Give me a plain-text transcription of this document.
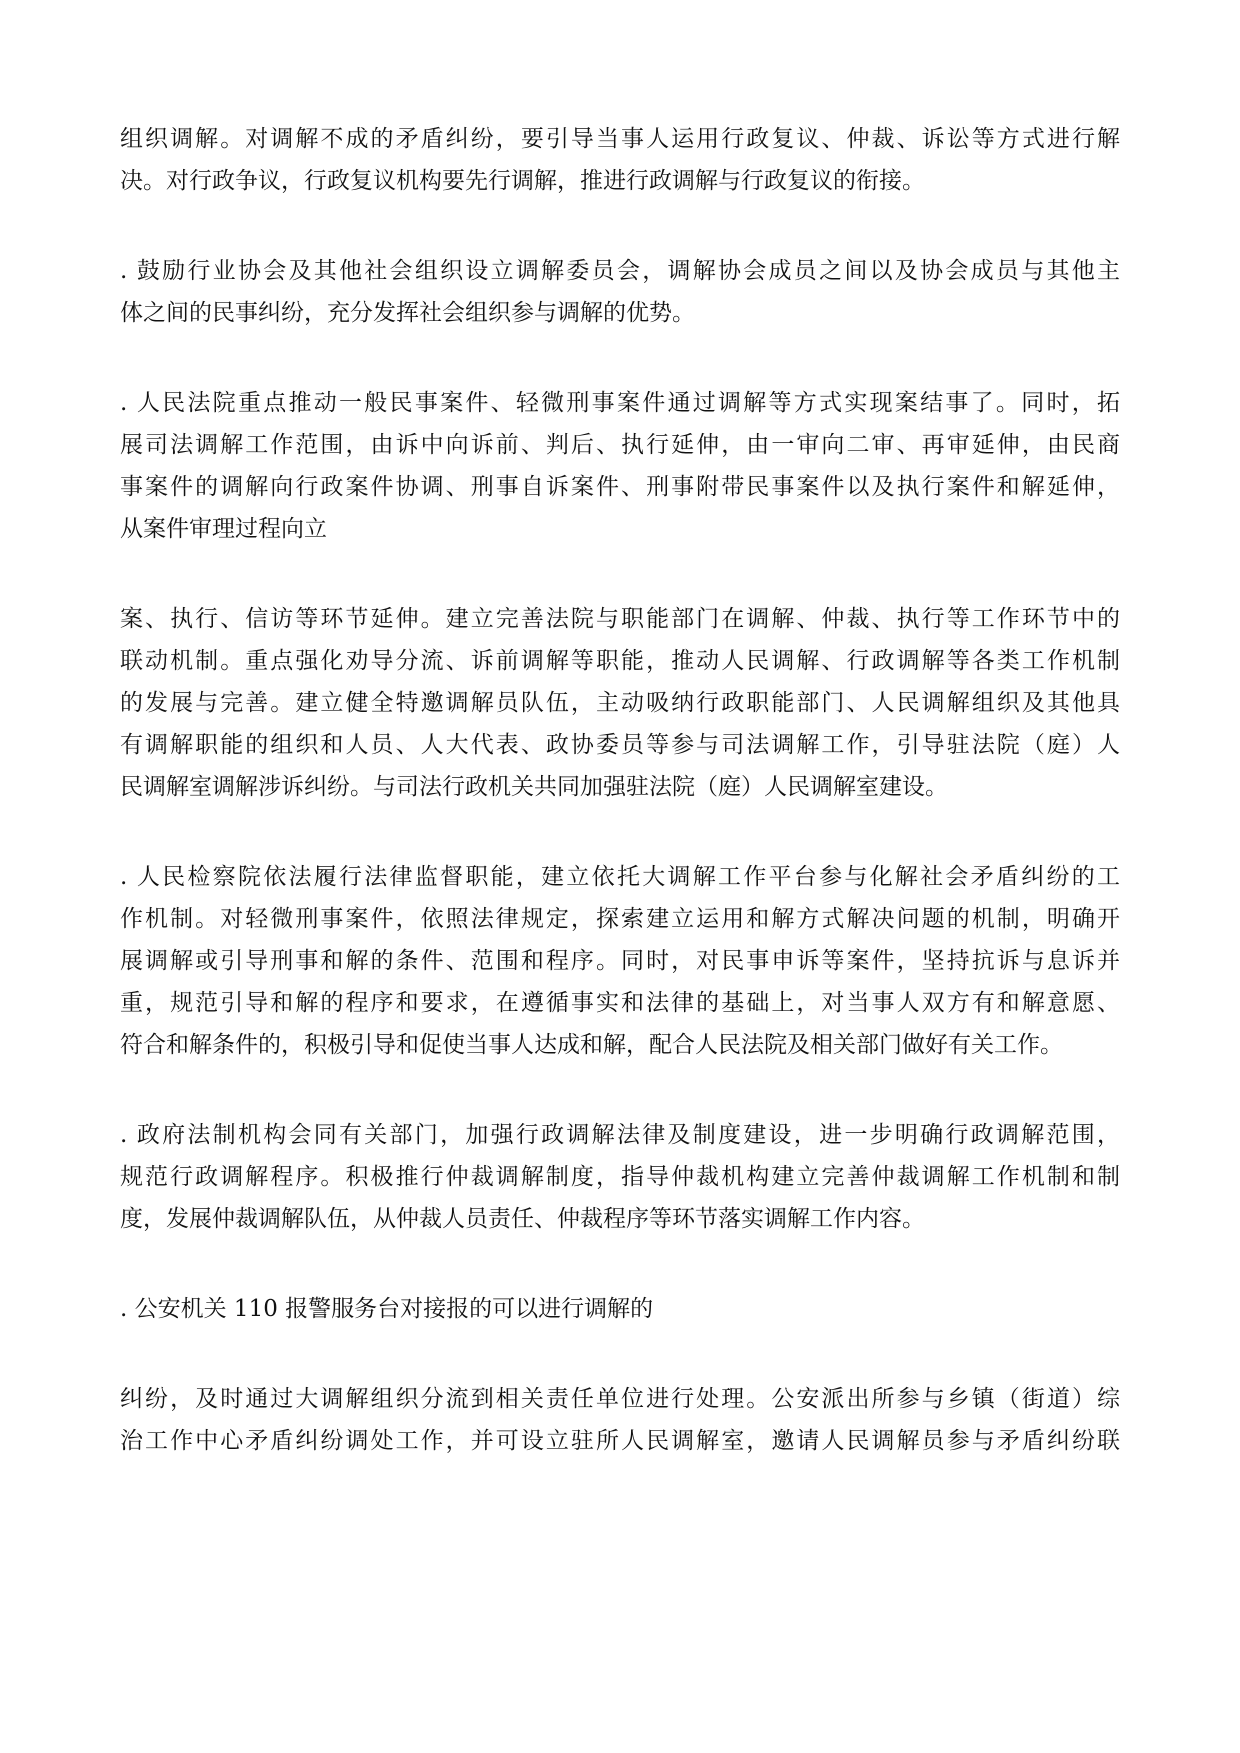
组织调解。对调解不成的矛盾纠纷，要引导当事人运用行政复议、仲裁、诉讼等方式进行解
决。对行政争议，行政复议机构要先行调解，推进行政调解与行政复议的衔接。

. 鼓励行业协会及其他社会组织设立调解委员会，调解协会成员之间以及协会成员与其他主
体之间的民事纠纷，充分发挥社会组织参与调解的优势。

. 人民法院重点推动一般民事案件、轻微刑事案件通过调解等方式实现案结事了。同时，拓
展司法调解工作范围，由诉中向诉前、判后、执行延伸，由一审向二审、再审延伸，由民商
事案件的调解向行政案件协调、刑事自诉案件、刑事附带民事案件以及执行案件和解延伸，
从案件审理过程向立

案、执行、信访等环节延伸。建立完善法院与职能部门在调解、仲裁、执行等工作环节中的
联动机制。重点强化劝导分流、诉前调解等职能，推动人民调解、行政调解等各类工作机制
的发展与完善。建立健全特邀调解员队伍，主动吸纳行政职能部门、人民调解组织及其他具
有调解职能的组织和人员、人大代表、政协委员等参与司法调解工作，引导驻法院（庭）人
民调解室调解涉诉纠纷。与司法行政机关共同加强驻法院（庭）人民调解室建设。

. 人民检察院依法履行法律监督职能，建立依托大调解工作平台参与化解社会矛盾纠纷的工
作机制。对轻微刑事案件，依照法律规定，探索建立运用和解方式解决问题的机制，明确开
展调解或引导刑事和解的条件、范围和程序。同时，对民事申诉等案件，坚持抗诉与息诉并
重，规范引导和解的程序和要求，在遵循事实和法律的基础上，对当事人双方有和解意愿、
符合和解条件的，积极引导和促使当事人达成和解，配合人民法院及相关部门做好有关工作。

. 政府法制机构会同有关部门，加强行政调解法律及制度建设，进一步明确行政调解范围，
规范行政调解程序。积极推行仲裁调解制度，指导仲裁机构建立完善仲裁调解工作机制和制
度，发展仲裁调解队伍，从仲裁人员责任、仲裁程序等环节落实调解工作内容。

. 公安机关 110 报警服务台对接报的可以进行调解的

纠纷，及时通过大调解组织分流到相关责任单位进行处理。公安派出所参与乡镇（街道）综
治工作中心矛盾纠纷调处工作，并可设立驻所人民调解室，邀请人民调解员参与矛盾纠纷联
